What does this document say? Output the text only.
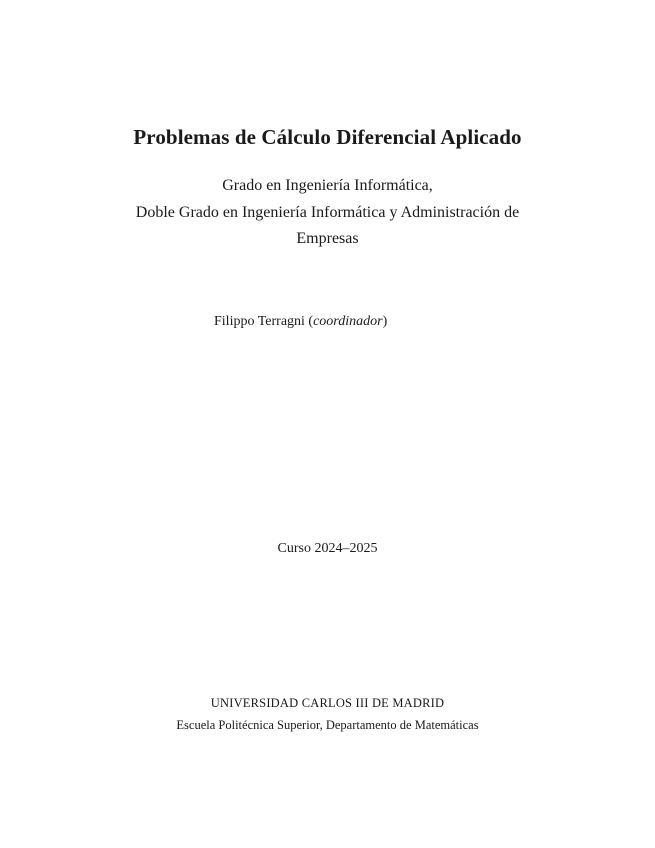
Problemas de Cálculo Diferencial Aplicado
Grado en Ingeniería Informática,
Doble Grado en Ingeniería Informática y Administración de
Empresas
Filippo Terragni (coordinador)
Curso 2024–2025
UNIVERSIDAD CARLOS III DE MADRID
Escuela Politécnica Superior, Departamento de Matemáticas
